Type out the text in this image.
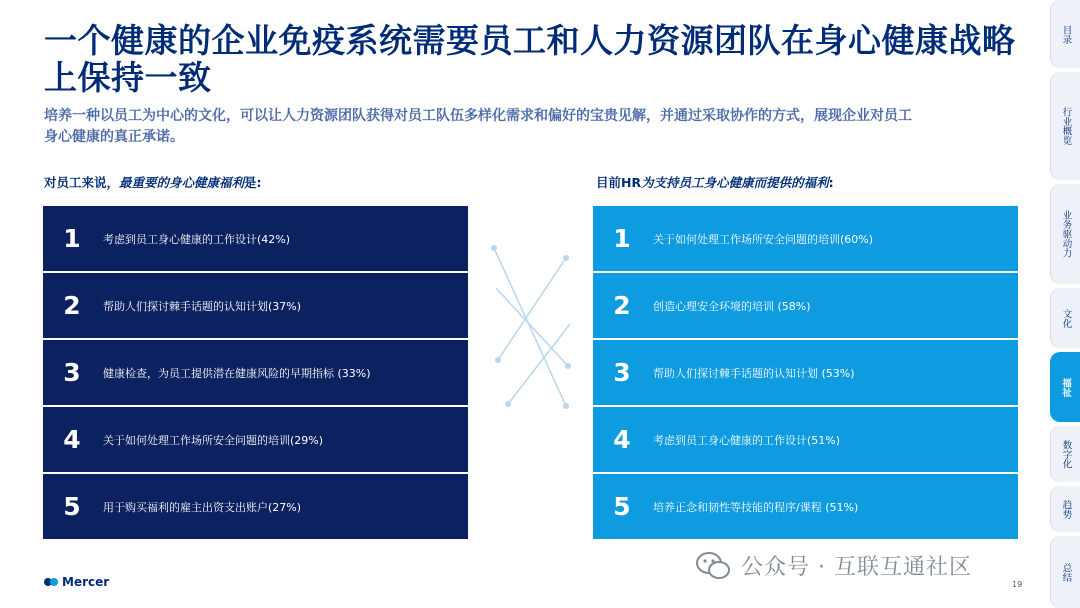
一个健康的企业免疫系统需要员工和人力资源团队在身心健康战略上保持一致
培养一种以员工为中心的文化，可以让人力资源团队获得对员工队伍多样化需求和偏好的宝贵见解，并通过采取协作的方式，展现企业对员工身心健康的真正承诺。
对员工来说，最重要的身心健康福利是:	目前HR为支持员工身心健康而提供的福利:
1	考虑到员工身心健康的工作设计(42%)
2	帮助人们探讨棘手话题的认知计划(37%)
3	健康检查，为员工提供潜在健康风险的早期指标 (33%)
4	关于如何处理工作场所安全问题的培训(29%)
5	用于购买福利的雇主出资支出账户(27%)
1	关于如何处理工作场所安全问题的培训(60%)
2	创造心理安全环境的培训 (58%)
3	帮助人们探讨棘手话题的认知计划 (53%)
4	考虑到员工身心健康的工作设计(51%)
5	培养正念和韧性等技能的程序/课程 (51%)
目录
行业概览
业务驱动力
文化
福祉
数字化
趋势
总结
Mercer	19
公众号 · 互联互通社区
